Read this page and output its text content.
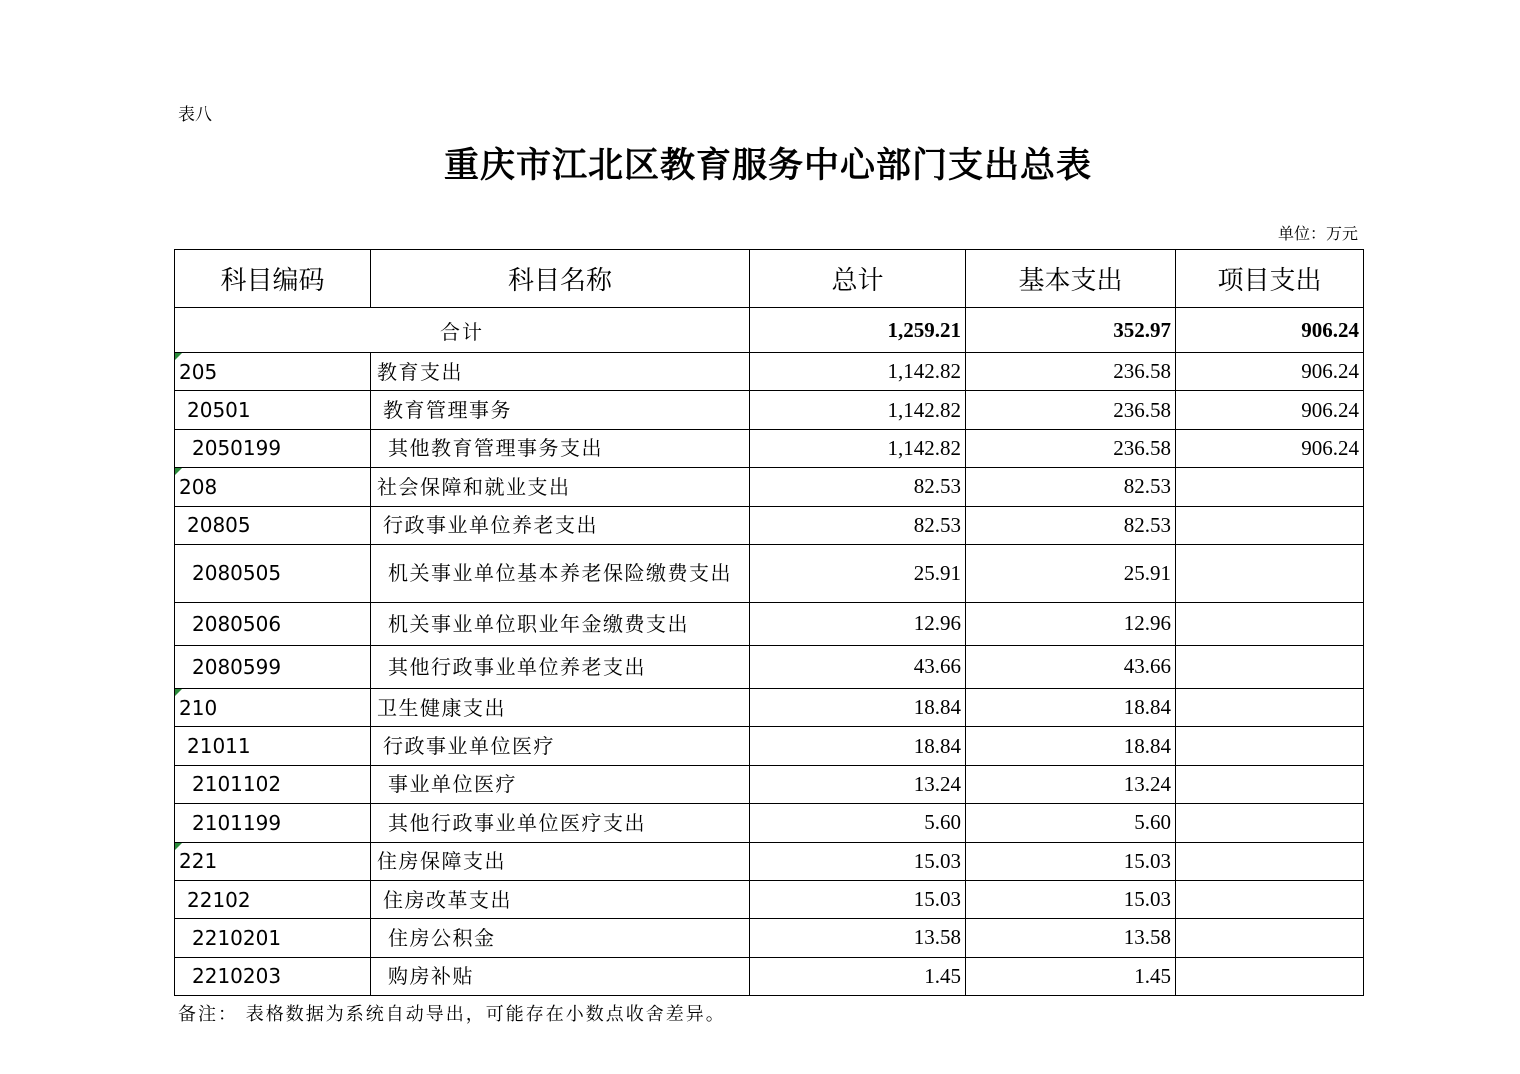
表八
重庆市江北区教育服务中心部门支出总表
单位：万元
科目编码	科目名称	总计	基本支出	项目支出
合计		1,259.21	352.97	906.24

205	教育支出	1,142.82	236.58	906.24
20501	教育管理事务	1,142.82	236.58	906.24
2050199	其他教育管理事务支出	1,142.82	236.58	906.24

208	社会保障和就业支出	82.53	82.53	
20805	行政事业单位养老支出	82.53	82.53	
2080505	机关事业单位基本养老保险缴费支出	25.91	25.91	
2080506	机关事业单位职业年金缴费支出	12.96	12.96	
2080599	其他行政事业单位养老支出	43.66	43.66	

210	卫生健康支出	18.84	18.84	
21011	行政事业单位医疗	18.84	18.84	
2101102	事业单位医疗	13.24	13.24	
2101199	其他行政事业单位医疗支出	5.60	5.60	

221	住房保障支出	15.03	15.03	
22102	住房改革支出	15.03	15.03	
2210201	住房公积金	13.58	13.58	
2210203	购房补贴	1.45	1.45	
备注： 表格数据为系统自动导出，可能存在小数点收舍差异。
